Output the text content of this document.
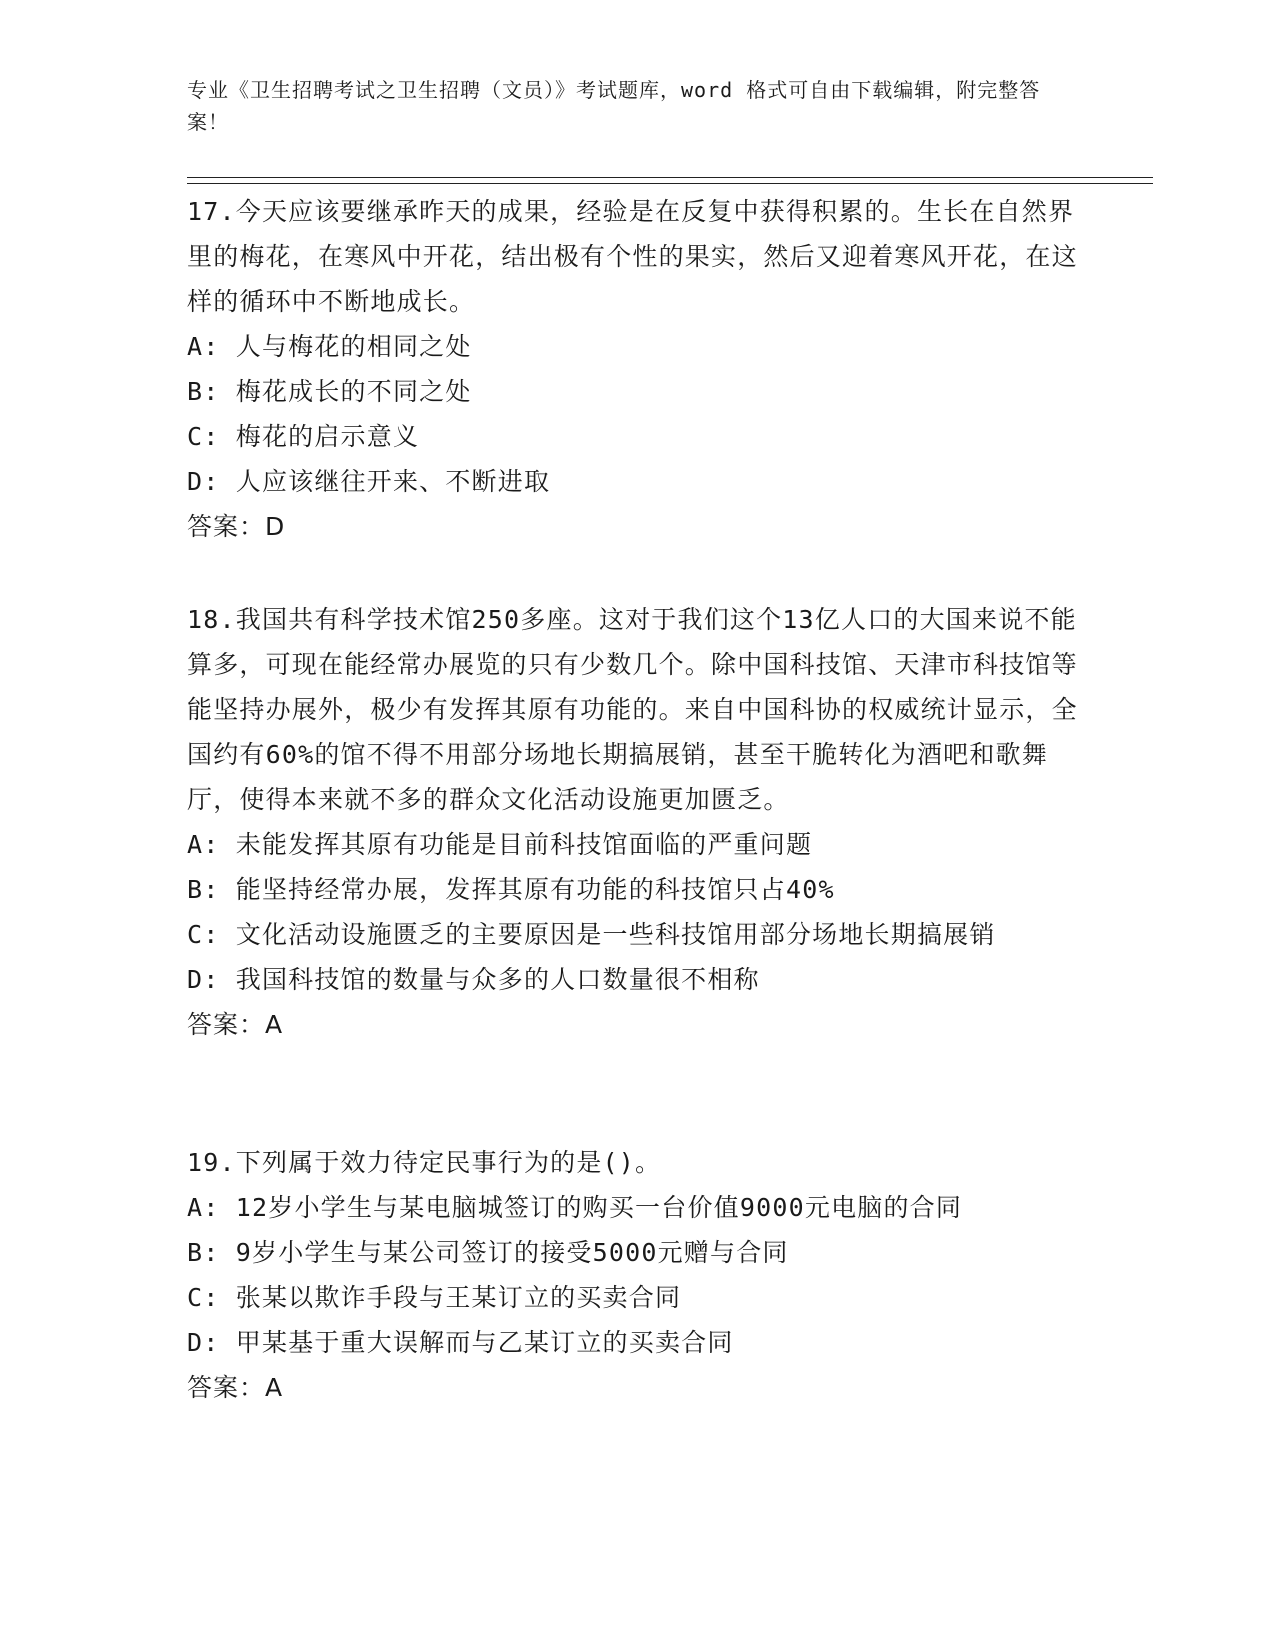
专业《卫生招聘考试之卫生招聘（文员）》考试题库，word 格式可自由下载编辑，附完整答案！

17.今天应该要继承昨天的成果，经验是在反复中获得积累的。生长在自然界里的梅花，在寒风中开花，结出极有个性的果实，然后又迎着寒风开花，在这样的循环中不断地成长。

A: 人与梅花的相同之处

B: 梅花成长的不同之处

C: 梅花的启示意义

D: 人应该继往开来、不断进取

答案：D

18.我国共有科学技术馆250多座。这对于我们这个13亿人口的大国来说不能算多，可现在能经常办展览的只有少数几个。除中国科技馆、天津市科技馆等能坚持办展外，极少有发挥其原有功能的。来自中国科协的权威统计显示，全国约有60%的馆不得不用部分场地长期搞展销，甚至干脆转化为酒吧和歌舞厅，使得本来就不多的群众文化活动设施更加匮乏。

A: 未能发挥其原有功能是目前科技馆面临的严重问题

B: 能坚持经常办展，发挥其原有功能的科技馆只占40%

C: 文化活动设施匮乏的主要原因是一些科技馆用部分场地长期搞展销

D: 我国科技馆的数量与众多的人口数量很不相称

答案：A

19.下列属于效力待定民事行为的是()。

A: 12岁小学生与某电脑城签订的购买一台价值9000元电脑的合同

B: 9岁小学生与某公司签订的接受5000元赠与合同

C: 张某以欺诈手段与王某订立的买卖合同

D: 甲某基于重大误解而与乙某订立的买卖合同

答案：A
